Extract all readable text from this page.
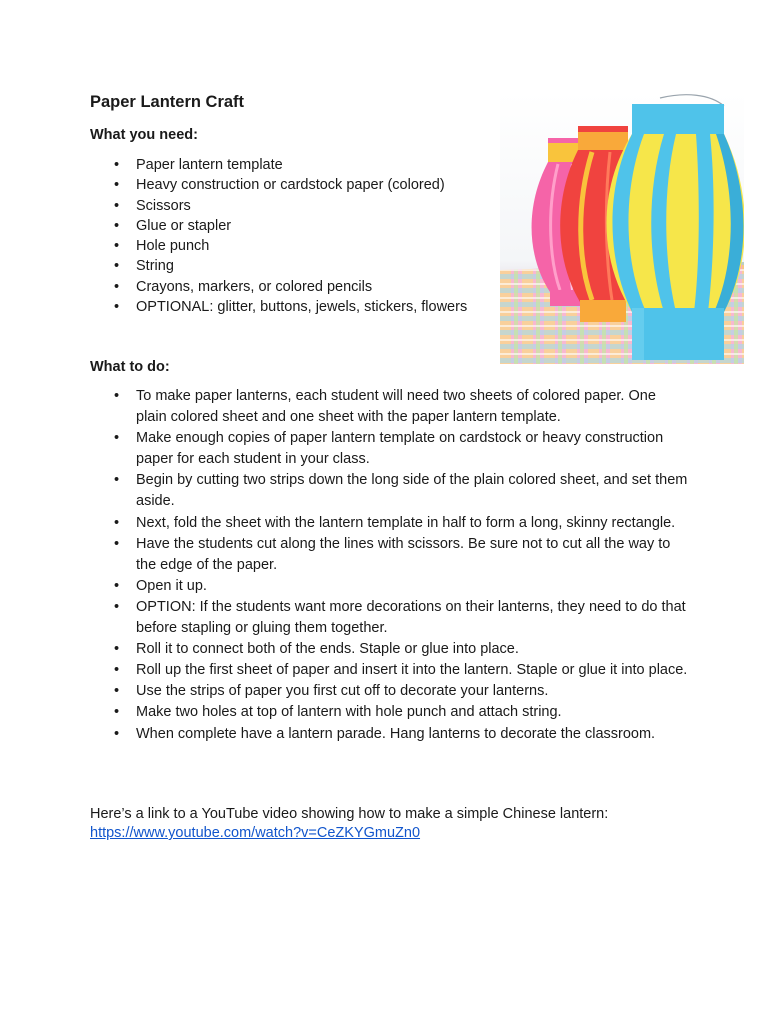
Paper Lantern Craft
What you need:
• Paper lantern template
• Heavy construction or cardstock paper (colored)
• Scissors
• Glue or stapler
• Hole punch
• String
• Crayons, markers, or colored pencils
• OPTIONAL: glitter, buttons, jewels, stickers, flowers
What to do:
• To make paper lanterns, each student will need two sheets of colored paper. One plain colored sheet and one sheet with the paper lantern template.
• Make enough copies of paper lantern template on cardstock or heavy construction paper for each student in your class.
• Begin by cutting two strips down the long side of the plain colored sheet, and set them aside.
• Next, fold the sheet with the lantern template in half to form a long, skinny rectangle.
• Have the students cut along the lines with scissors. Be sure not to cut all the way to the edge of the paper.
• Open it up.
• OPTION: If the students want more decorations on their lanterns, they need to do that before stapling or gluing them together.
• Roll it to connect both of the ends. Staple or glue into place.
• Roll up the first sheet of paper and insert it into the lantern. Staple or glue it into place.
• Use the strips of paper you first cut off to decorate your lanterns.
• Make two holes at top of lantern with hole punch and attach string.
• When complete have a lantern parade. Hang lanterns to decorate the classroom.

Here’s a link to a YouTube video showing how to make a simple Chinese lantern:
https://www.youtube.com/watch?v=CeZKYGmuZn0
